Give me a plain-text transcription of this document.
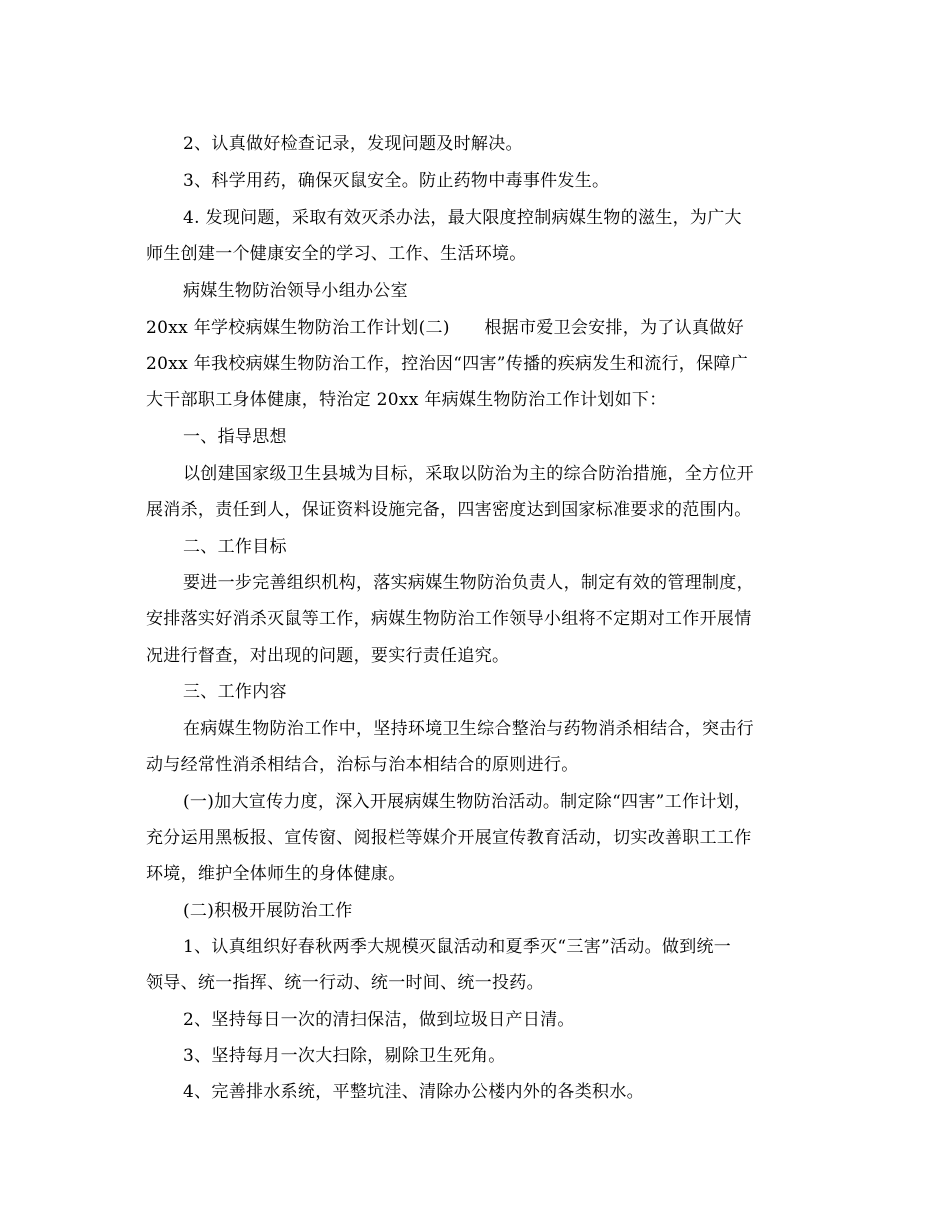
2、认真做好检查记录，发现问题及时解决。
3、科学用药，确保灭鼠安全。防止药物中毒事件发生。
4. 发现问题，采取有效灭杀办法，最大限度控制病媒生物的滋生，为广大
师生创建一个健康安全的学习、工作、生活环境。
病媒生物防治领导小组办公室
20xx 年学校病媒生物防治工作计划(二)　　根据市爱卫会安排，为了认真做好
20xx 年我校病媒生物防治工作，控治因“四害”传播的疾病发生和流行，保障广
大干部职工身体健康，特治定 20xx 年病媒生物防治工作计划如下：
一、指导思想
以创建国家级卫生县城为目标，采取以防治为主的综合防治措施，全方位开
展消杀，责任到人，保证资料设施完备，四害密度达到国家标准要求的范围内。
二、工作目标
要进一步完善组织机构，落实病媒生物防治负责人，制定有效的管理制度，
安排落实好消杀灭鼠等工作，病媒生物防治工作领导小组将不定期对工作开展情
况进行督查，对出现的问题，要实行责任追究。
三、工作内容
在病媒生物防治工作中，坚持环境卫生综合整治与药物消杀相结合，突击行
动与经常性消杀相结合，治标与治本相结合的原则进行。
(一)加大宣传力度，深入开展病媒生物防治活动。制定除“四害”工作计划，
充分运用黑板报、宣传窗、阅报栏等媒介开展宣传教育活动，切实改善职工工作
环境，维护全体师生的身体健康。
(二)积极开展防治工作
1、认真组织好春秋两季大规模灭鼠活动和夏季灭“三害”活动。做到统一
领导、统一指挥、统一行动、统一时间、统一投药。
2、坚持每日一次的清扫保洁，做到垃圾日产日清。
3、坚持每月一次大扫除，剔除卫生死角。
4、完善排水系统，平整坑洼、清除办公楼内外的各类积水。
